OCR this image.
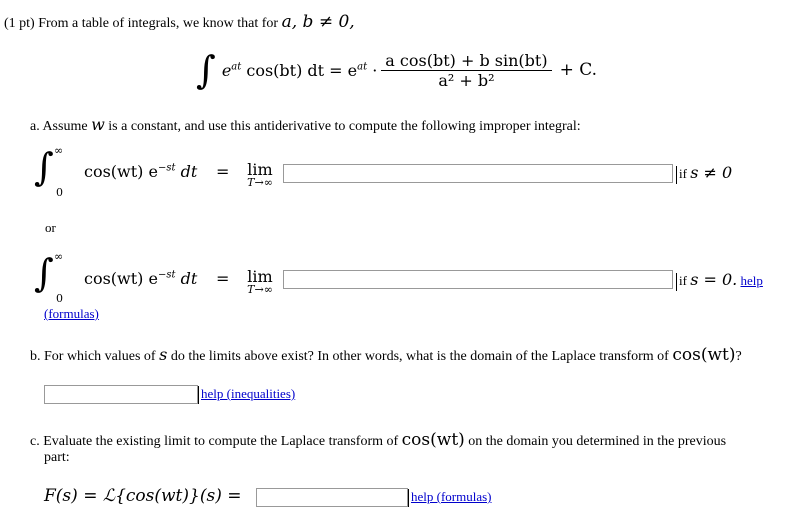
(1 pt) From a table of integrals, we know that for a, b ≠ 0,
∫ $e^{at}$ cos(bt) dt = $e^{at} \cdot \frac{\text{a cos(bt) + b sin(bt)}}{\text{a² + b²}} + C$.
a. Assume w is a constant, and use this antiderivative to compute the following improper integral:
∫ ∞
0
cos(wt) $e^{-st}$ dt = lim
T→∞
if s ≠ 0
or
∫ ∞
0
cos(wt) $e^{-st}$ dt = lim
T→∞
if s = 0. help
(formulas)
b. For which values of s do the limits above exist? In other words, what is the domain of the Laplace transform of cos(wt)?
help (inequalities)
c. Evaluate the existing limit to compute the Laplace transform of cos(wt) on the domain you determined in the previous
part:
F(s) = ℒ{cos(wt)}(s) =	help (formulas)
